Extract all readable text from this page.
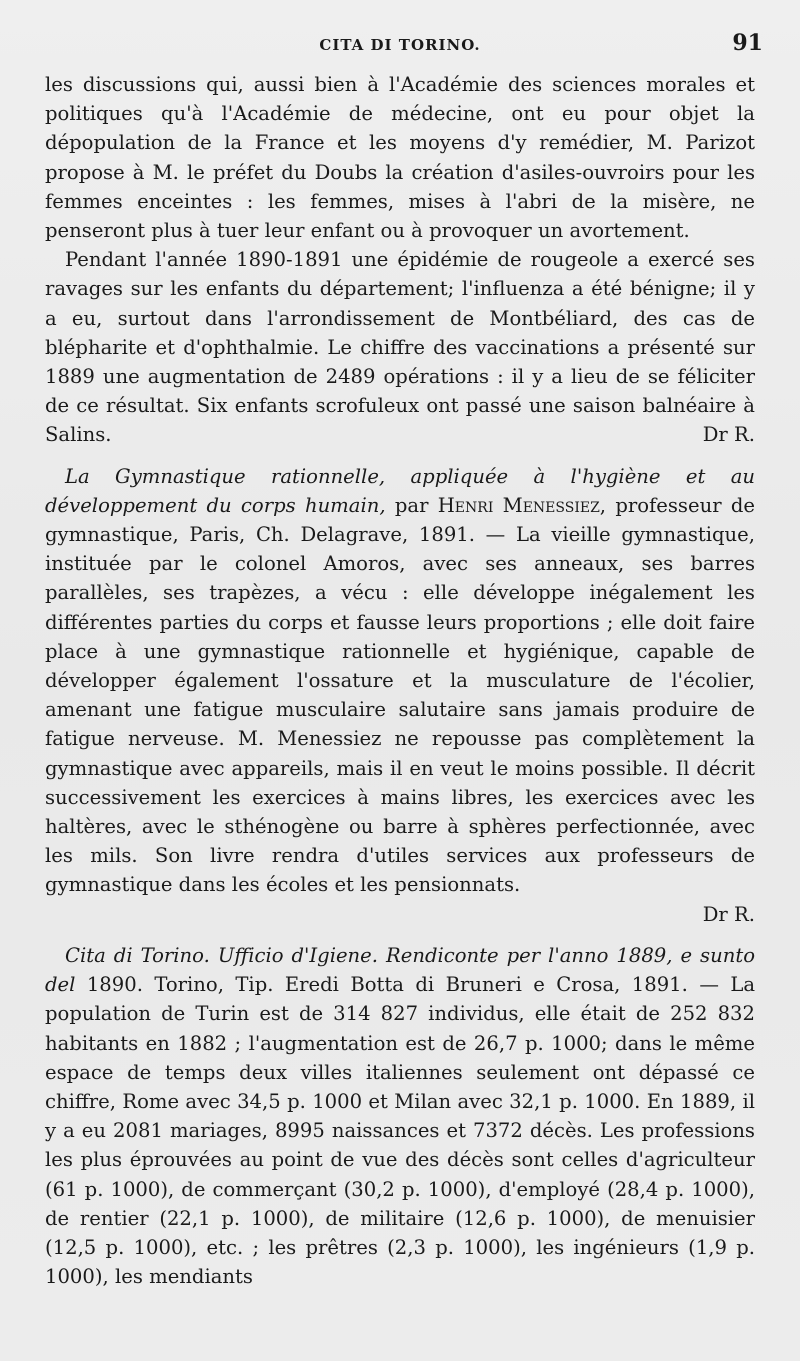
CITA DI TORINO.	91

les discussions qui, aussi bien à l'Académie des sciences morales et politiques qu'à l'Académie de médecine, ont eu pour objet la dépopulation de la France et les moyens d'y remédier, M. Parizot propose à M. le préfet du Doubs la création d'asiles-ouvroirs pour les femmes enceintes : les femmes, mises à l'abri de la misère, ne penseront plus à tuer leur enfant ou à provoquer un avortement.

Pendant l'année 1890-1891 une épidémie de rougeole a exercé ses ravages sur les enfants du département; l'influenza a été bénigne; il y a eu, surtout dans l'arrondissement de Montbéliard, des cas de blépharite et d'ophthalmie. Le chiffre des vaccinations a présenté sur 1889 une augmentation de 2489 opérations : il y a lieu de se féliciter de ce résultat. Six enfants scrofuleux ont passé une saison balnéaire à Salins.	Dr R.

La Gymnastique rationnelle, appliquée à l'hygiène et au développement du corps humain, par Henri Menessiez, professeur de gymnastique, Paris, Ch. Delagrave, 1891. — La vieille gymnastique, instituée par le colonel Amoros, avec ses anneaux, ses barres parallèles, ses trapèzes, a vécu : elle développe inégalement les différentes parties du corps et fausse leurs proportions ; elle doit faire place à une gymnastique rationnelle et hygiénique, capable de développer également l'ossature et la musculature de l'écolier, amenant une fatigue musculaire salutaire sans jamais produire de fatigue nerveuse. M. Menessiez ne repousse pas complètement la gymnastique avec appareils, mais il en veut le moins possible. Il décrit successivement les exercices à mains libres, les exercices avec les haltères, avec le sthénogène ou barre à sphères perfectionnée, avec les mils. Son livre rendra d'utiles services aux professeurs de gymnastique dans les écoles et les pensionnats.

Dr R.

Cita di Torino. Ufficio d'Igiene. Rendiconte per l'anno 1889, e sunto del 1890. Torino, Tip. Eredi Botta di Bruneri e Crosa, 1891. — La population de Turin est de 314 827 individus, elle était de 252 832 habitants en 1882 ; l'augmentation est de 26,7 p. 1000; dans le même espace de temps deux villes italiennes seulement ont dépassé ce chiffre, Rome avec 34,5 p. 1000 et Milan avec 32,1 p. 1000. En 1889, il y a eu 2081 mariages, 8995 naissances et 7372 décès. Les professions les plus éprouvées au point de vue des décès sont celles d'agriculteur (61 p. 1000), de commerçant (30,2 p. 1000), d'employé (28,4 p. 1000), de rentier (22,1 p. 1000), de militaire (12,6 p. 1000), de menuisier (12,5 p. 1000), etc. ; les prêtres (2,3 p. 1000), les ingénieurs (1,9 p. 1000), les mendiants
